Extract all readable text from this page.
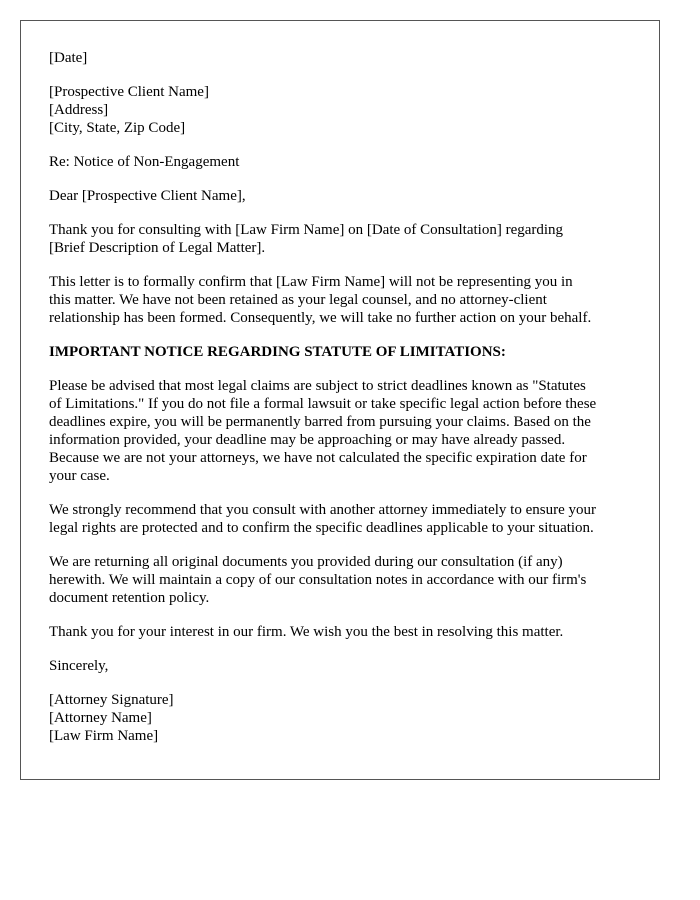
[Date]
[Prospective Client Name]
[Address]
[City, State, Zip Code]
Re: Notice of Non-Engagement
Dear [Prospective Client Name],
Thank you for consulting with [Law Firm Name] on [Date of Consultation] regarding
[Brief Description of Legal Matter].
This letter is to formally confirm that [Law Firm Name] will not be representing you in
this matter. We have not been retained as your legal counsel, and no attorney-client
relationship has been formed. Consequently, we will take no further action on your behalf.
IMPORTANT NOTICE REGARDING STATUTE OF LIMITATIONS:
Please be advised that most legal claims are subject to strict deadlines known as "Statutes
of Limitations." If you do not file a formal lawsuit or take specific legal action before these
deadlines expire, you will be permanently barred from pursuing your claims. Based on the
information provided, your deadline may be approaching or may have already passed.
Because we are not your attorneys, we have not calculated the specific expiration date for
your case.
We strongly recommend that you consult with another attorney immediately to ensure your
legal rights are protected and to confirm the specific deadlines applicable to your situation.
We are returning all original documents you provided during our consultation (if any)
herewith. We will maintain a copy of our consultation notes in accordance with our firm's
document retention policy.
Thank you for your interest in our firm. We wish you the best in resolving this matter.
Sincerely,
[Attorney Signature]
[Attorney Name]
[Law Firm Name]
